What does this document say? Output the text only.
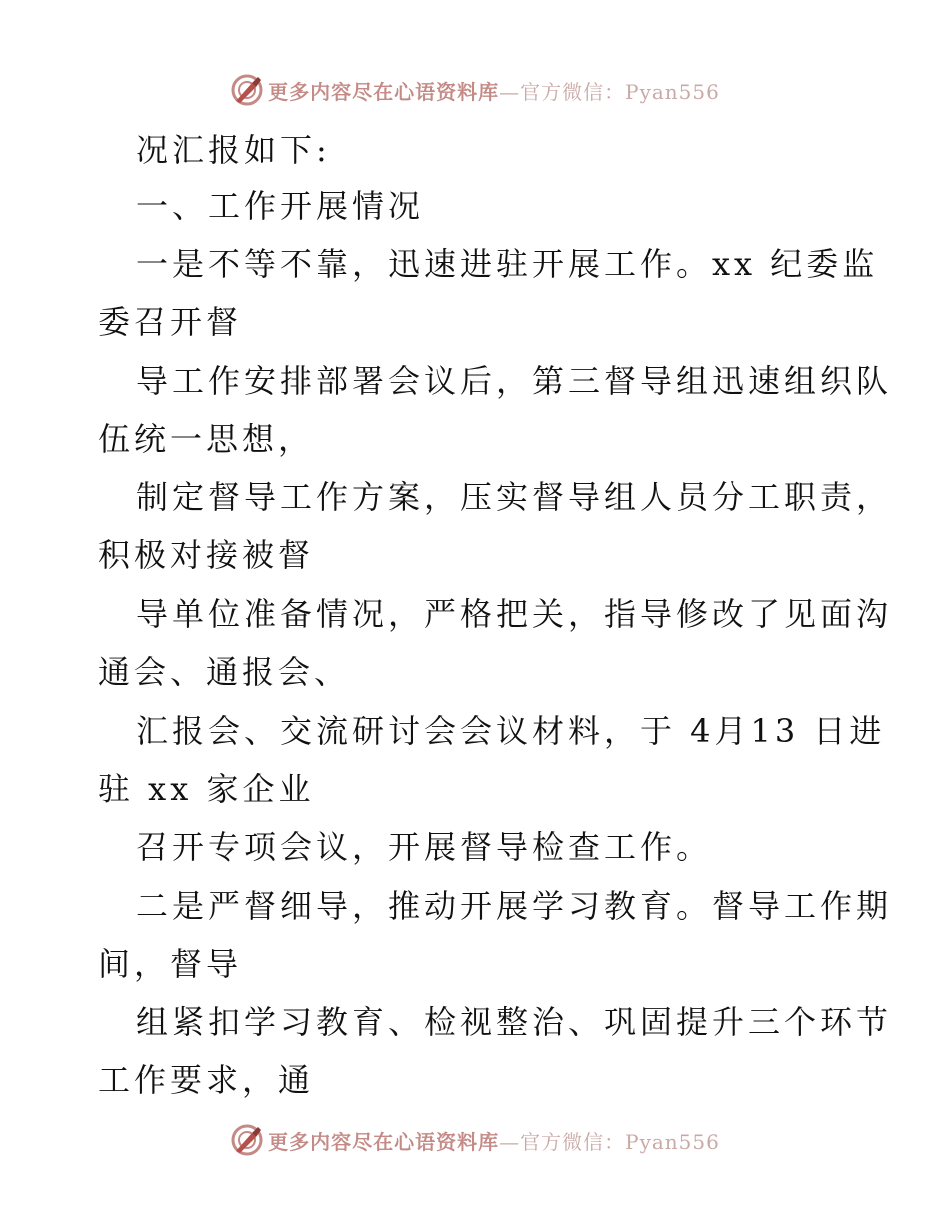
更多内容尽在心语资料库—官方微信：Pyan556
况汇报如下:
一、工作开展情况
一是不等不靠，迅速进驻开展工作。xx 纪委监
委召开督
导工作安排部署会议后，第三督导组迅速组织队
伍统一思想，
制定督导工作方案，压实督导组人员分工职责，
积极对接被督
导单位准备情况，严格把关，指导修改了见面沟
通会、通报会、
汇报会、交流研讨会会议材料，于 4月13 日进
驻 xx 家企业
召开专项会议，开展督导检查工作。
二是严督细导，推动开展学习教育。督导工作期
间，督导
组紧扣学习教育、检视整治、巩固提升三个环节
工作要求，通
更多内容尽在心语资料库—官方微信：Pyan556
